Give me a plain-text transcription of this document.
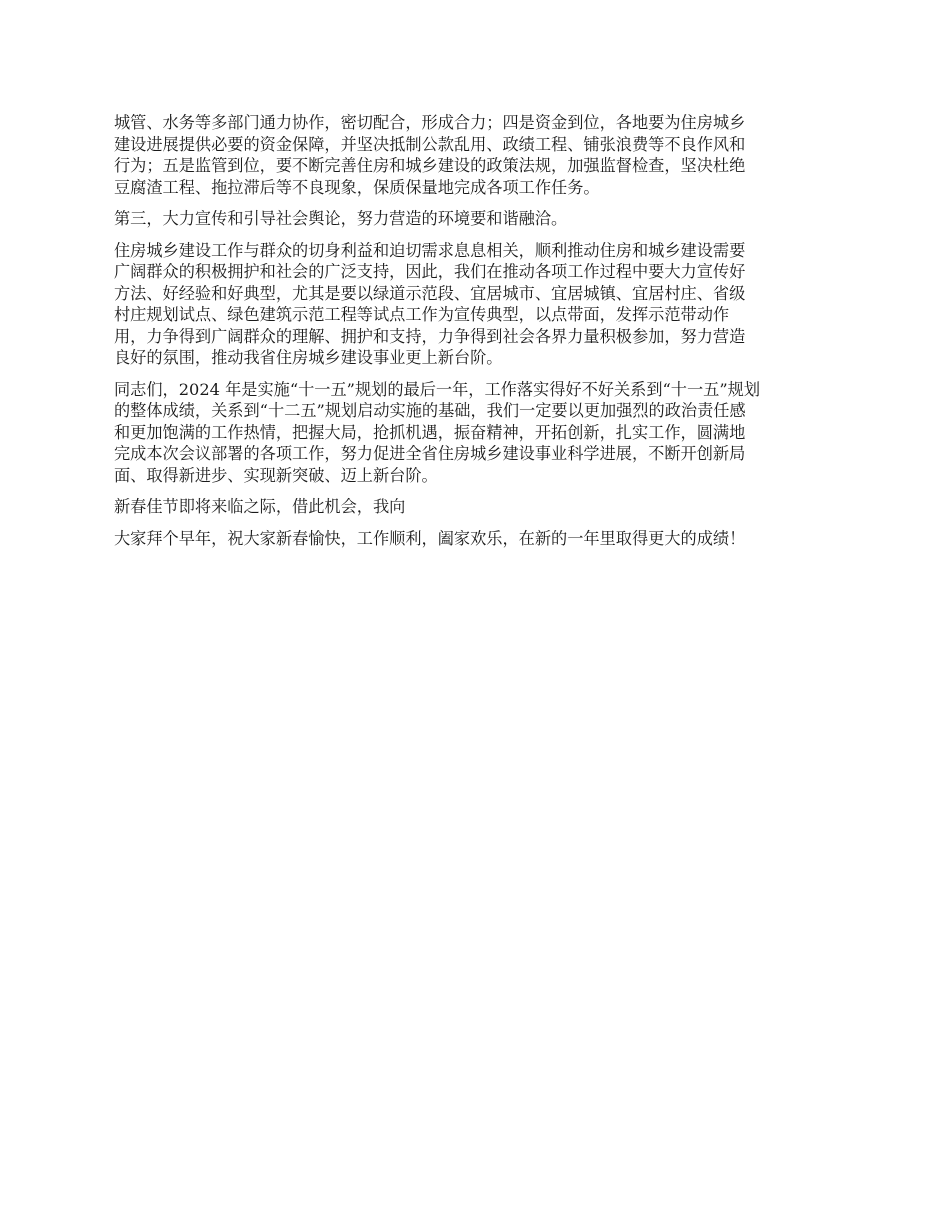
城管、水务等多部门通力协作，密切配合，形成合力；四是资金到位，各地要为住房城乡
建设进展提供必要的资金保障，并坚决抵制公款乱用、政绩工程、铺张浪费等不良作风和
行为；五是监管到位，要不断完善住房和城乡建设的政策法规，加强监督检查，坚决杜绝
豆腐渣工程、拖拉滞后等不良现象，保质保量地完成各项工作任务。

第三，大力宣传和引导社会舆论，努力营造的环境要和谐融洽。

住房城乡建设工作与群众的切身利益和迫切需求息息相关，顺利推动住房和城乡建设需要
广阔群众的积极拥护和社会的广泛支持，因此，我们在推动各项工作过程中要大力宣传好
方法、好经验和好典型，尤其是要以绿道示范段、宜居城市、宜居城镇、宜居村庄、省级
村庄规划试点、绿色建筑示范工程等试点工作为宣传典型，以点带面，发挥示范带动作
用，力争得到广阔群众的理解、拥护和支持，力争得到社会各界力量积极参加，努力营造
良好的氛围，推动我省住房城乡建设事业更上新台阶。

同志们，2024 年是实施“十一五”规划的最后一年，工作落实得好不好关系到“十一五”规划
的整体成绩，关系到“十二五”规划启动实施的基础，我们一定要以更加强烈的政治责任感
和更加饱满的工作热情，把握大局，抢抓机遇，振奋精神，开拓创新，扎实工作，圆满地
完成本次会议部署的各项工作，努力促进全省住房城乡建设事业科学进展，不断开创新局
面、取得新进步、实现新突破、迈上新台阶。

新春佳节即将来临之际，借此机会，我向

大家拜个早年，祝大家新春愉快，工作顺利，阖家欢乐，在新的一年里取得更大的成绩！
